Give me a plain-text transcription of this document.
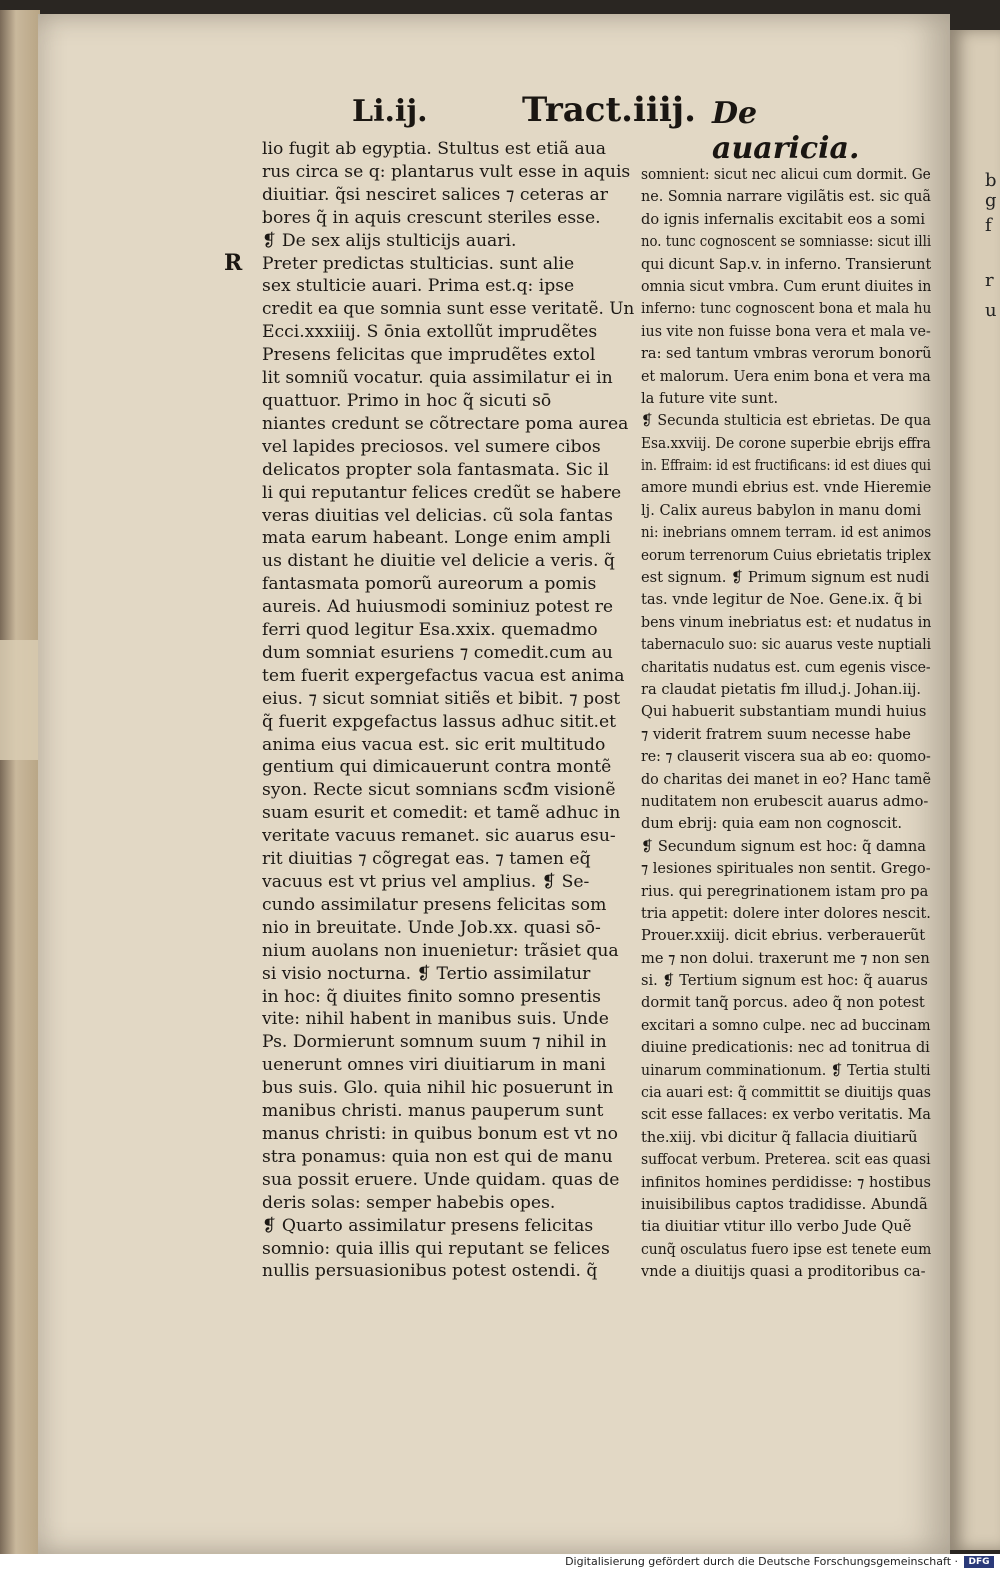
b
g
f
r
u
Li.ij.	Tract.iiij. De auaricia.
R
lio fugit ab egyptia. Stultus est etiã aua
rus circa se q: plantarus vult esse in aquis
diuitiar. q̃si nesciret salices ⁊ ceteras ar
bores q̃ in aquis crescunt steriles esse.
❡ De sex alijs stulticijs auari.
Preter predictas stulticias. sunt alie
sex stulticie auari. Prima est.q: ipse
credit ea que somnia sunt esse veritatẽ. Un
Ecci.xxxiiij. S ōnia extollũt imprudẽtes
Presens felicitas que imprudẽtes extol
lit somniũ vocatur. quia assimilatur ei in
quattuor. Primo in hoc q̃ sicuti sō
niantes credunt se cõtrectare poma aurea
vel lapides preciosos. vel sumere cibos
delicatos propter sola fantasmata. Sic il
li qui reputantur felices credũt se habere
veras diuitias vel delicias. cũ sola fantas
mata earum habeant. Longe enim ampli
us distant he diuitie vel delicie a veris. q̃
fantasmata pomorũ aureorum a pomis
aureis. Ad huiusmodi sominiuz potest re
ferri quod legitur Esa.xxix. quemadmo
dum somniat esuriens ⁊ comedit.cum au
tem fuerit expergefactus vacua est anima
eius. ⁊ sicut somniat sitiẽs et bibit. ⁊ post
q̃ fuerit expgefactus lassus adhuc sitit.et
anima eius vacua est. sic erit multitudo
gentium qui dimicauerunt contra montẽ
syon. Recte sicut somnians scđm visionẽ
suam esurit et comedit: et tamẽ adhuc in
veritate vacuus remanet. sic auarus esu-
rit diuitias ⁊ cõgregat eas. ⁊ tamen eq̃
vacuus est vt prius vel amplius. ❡ Se-
cundo assimilatur presens felicitas som
nio in breuitate. Unde Job.xx. quasi sō-
nium auolans non inuenietur: trãsiet qua
si visio nocturna. ❡ Tertio assimilatur
in hoc: q̃ diuites finito somno presentis
vite: nihil habent in manibus suis. Unde
Ps. Dormierunt somnum suum ⁊ nihil in
uenerunt omnes viri diuitiarum in mani
bus suis. Glo. quia nihil hic posuerunt in
manibus christi. manus pauperum sunt
manus christi: in quibus bonum est vt no
stra ponamus: quia non est qui de manu
sua possit eruere. Unde quidam. quas de
deris solas: semper habebis opes.
❡ Quarto assimilatur presens felicitas
somnio: quia illis qui reputant se felices
nullis persuasionibus potest ostendi. q̃
somnient: sicut nec alicui cum dormit. Ge
ne. Somnia narrare vigilãtis est. sic quã
do ignis infernalis excitabit eos a somi
no. tunc cognoscent se somniasse: sicut illi
qui dicunt Sap.v. in inferno. Transierunt
omnia sicut vmbra. Cum erunt diuites in
inferno: tunc cognoscent bona et mala hu
ius vite non fuisse bona vera et mala ve-
ra: sed tantum vmbras verorum bonorũ
et malorum. Uera enim bona et vera ma
la future vite sunt.
❡ Secunda stulticia est ebrietas. De qua
Esa.xxviij. De corone superbie ebrijs effra
in. Effraim: id est fructificans: id est diues qui
amore mundi ebrius est. vnde Hieremie
lj. Calix aureus babylon in manu domi
ni: inebrians omnem terram. id est animos
eorum terrenorum Cuius ebrietatis triplex
est signum. ❡ Primum signum est nudi
tas. vnde legitur de Noe. Gene.ix. q̃ bi
bens vinum inebriatus est: et nudatus in
tabernaculo suo: sic auarus veste nuptiali
charitatis nudatus est. cum egenis visce-
ra claudat pietatis fm illud.j. Johan.iij.
Qui habuerit substantiam mundi huius
⁊ viderit fratrem suum necesse habe
re: ⁊ clauserit viscera sua ab eo: quomo-
do charitas dei manet in eo? Hanc tamẽ
nuditatem non erubescit auarus admo-
dum ebrij: quia eam non cognoscit.
❡ Secundum signum est hoc: q̃ damna
⁊ lesiones spirituales non sentit. Grego-
rius. qui peregrinationem istam pro pa
tria appetit: dolere inter dolores nescit.
Prouer.xxiij. dicit ebrius. verberauerũt
me ⁊ non dolui. traxerunt me ⁊ non sen
si. ❡ Tertium signum est hoc: q̃ auarus
dormit tanq̃ porcus. adeo q̃ non potest
excitari a somno culpe. nec ad buccinam
diuine predicationis: nec ad tonitrua di
uinarum comminationum. ❡ Tertia stulti
cia auari est: q̃ committit se diuitijs quas
scit esse fallaces: ex verbo veritatis. Ma
the.xiij. vbi dicitur q̃ fallacia diuitiarũ
suffocat verbum. Preterea. scit eas quasi
infinitos homines perdidisse: ⁊ hostibus
inuisibilibus captos tradidisse. Abundã
tia diuitiar vtitur illo verbo Jude Quẽ
cunq̃ osculatus fuero ipse est tenete eum
vnde a diuitijs quasi a proditoribus ca-
Digitalisierung gefördert durch die Deutsche Forschungsgemeinschaft ·	DFG
